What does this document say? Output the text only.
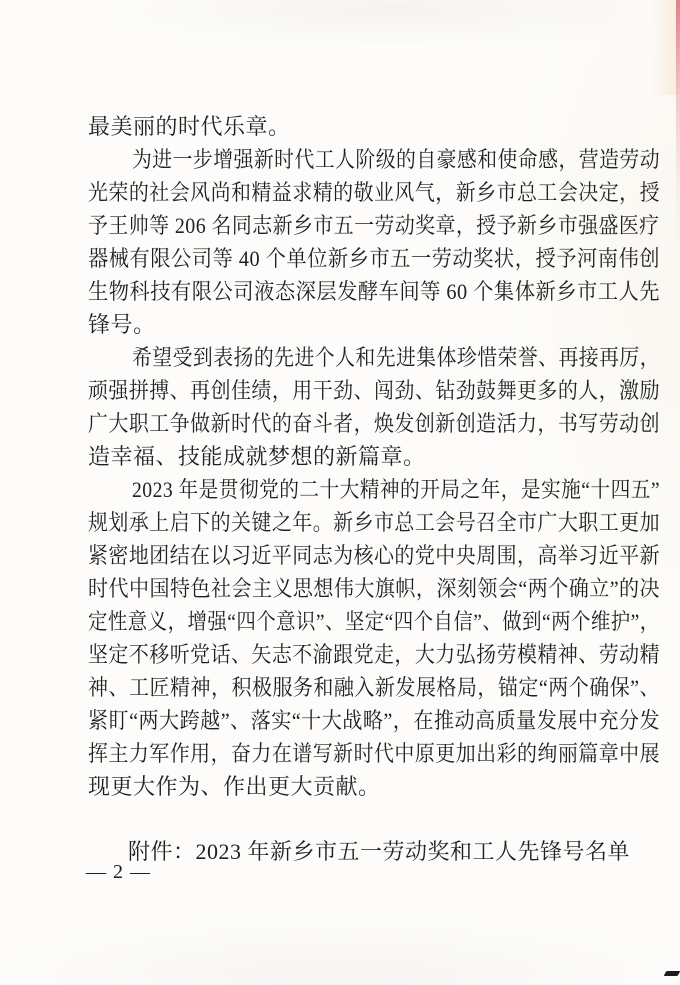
最美丽的时代乐章。
为进一步增强新时代工人阶级的自豪感和使命感，营造劳动
光荣的社会风尚和精益求精的敬业风气，新乡市总工会决定，授
予王帅等 206 名同志新乡市五一劳动奖章，授予新乡市强盛医疗
器械有限公司等 40 个单位新乡市五一劳动奖状，授予河南伟创
生物科技有限公司液态深层发酵车间等 60 个集体新乡市工人先
锋号。
希望受到表扬的先进个人和先进集体珍惜荣誉、再接再厉，
顽强拼搏、再创佳绩，用干劲、闯劲、钻劲鼓舞更多的人，激励
广大职工争做新时代的奋斗者，焕发创新创造活力，书写劳动创
造幸福、技能成就梦想的新篇章。
2023 年是贯彻党的二十大精神的开局之年，是实施“十四五”
规划承上启下的关键之年。新乡市总工会号召全市广大职工更加
紧密地团结在以习近平同志为核心的党中央周围，高举习近平新
时代中国特色社会主义思想伟大旗帜，深刻领会“两个确立”的决
定性意义，增强“四个意识”、坚定“四个自信”、做到“两个维护”，
坚定不移听党话、矢志不渝跟党走，大力弘扬劳模精神、劳动精
神、工匠精神，积极服务和融入新发展格局，锚定“两个确保”、
紧盯“两大跨越”、落实“十大战略”，在推动高质量发展中充分发
挥主力军作用，奋力在谱写新时代中原更加出彩的绚丽篇章中展
现更大作为、作出更大贡献。
附件：2023 年新乡市五一劳动奖和工人先锋号名单
— 2 —
